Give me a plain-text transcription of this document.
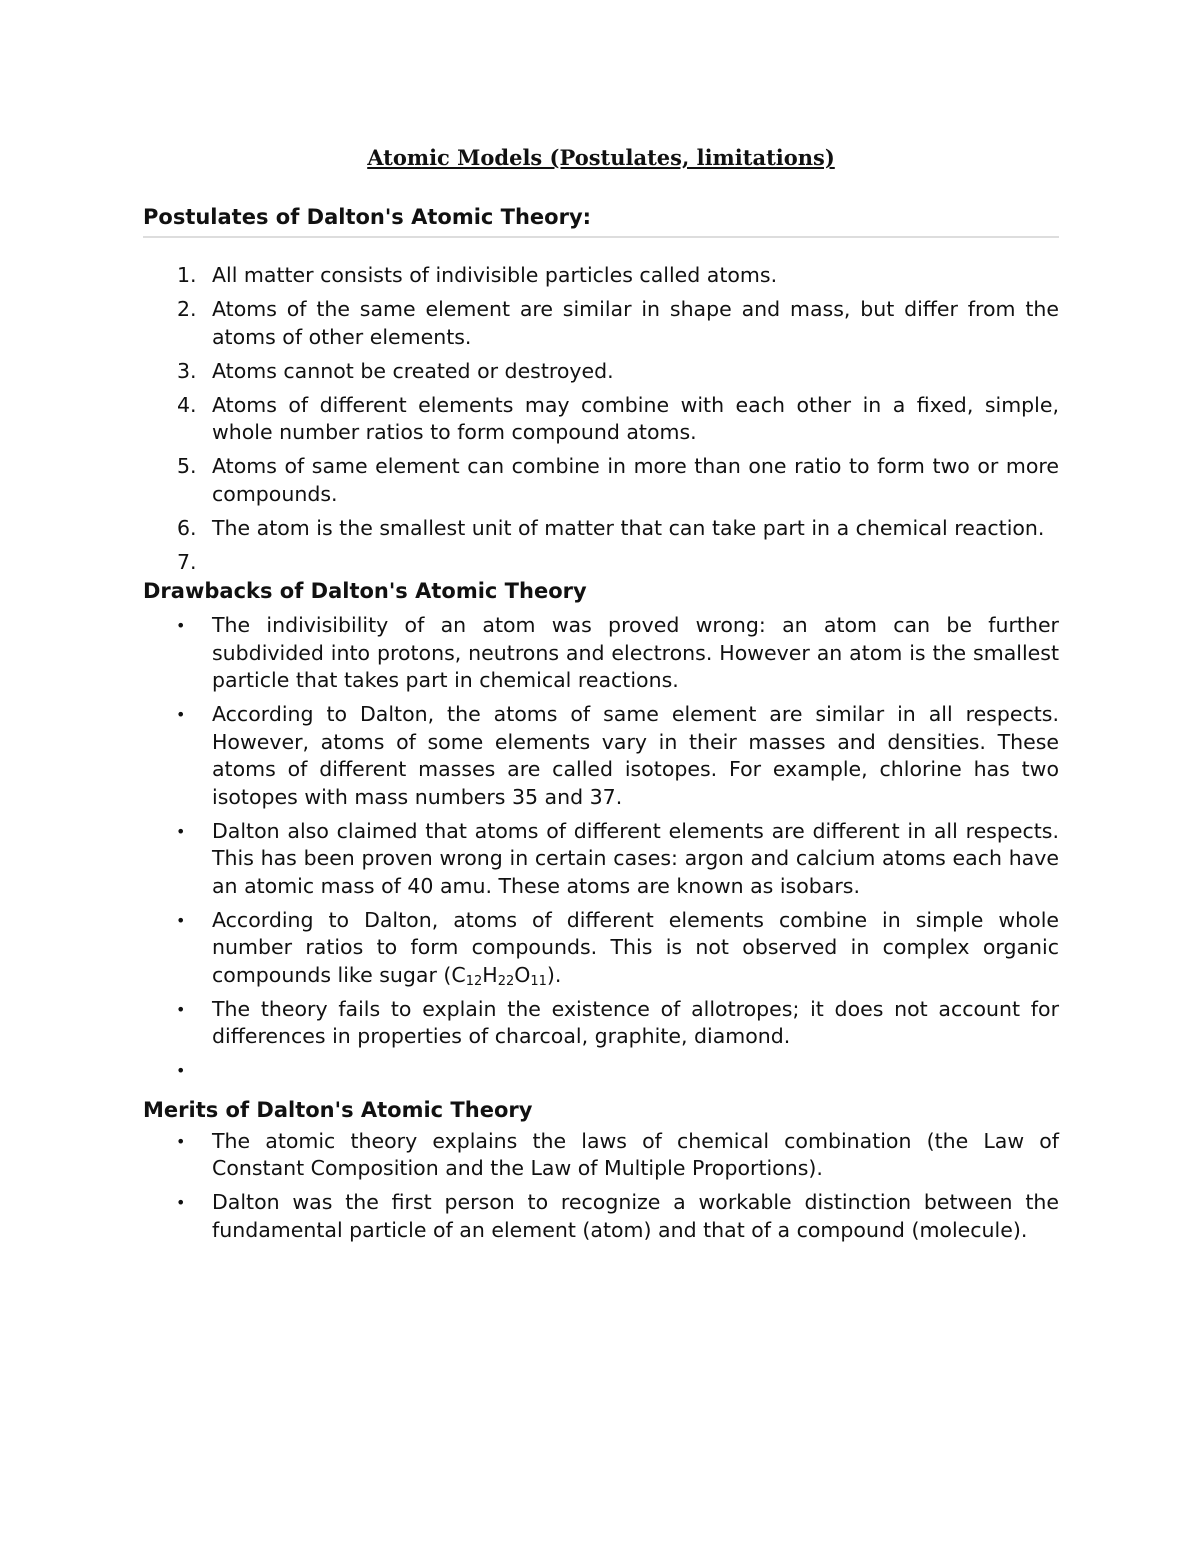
Atomic Models (Postulates, limitations)
Postulates of Dalton's Atomic Theory:
1. All matter consists of indivisible particles called atoms.
2. Atoms of the same element are similar in shape and mass, but differ from the atoms of other elements.
3. Atoms cannot be created or destroyed.
4. Atoms of different elements may combine with each other in a fixed, simple, whole number ratios to form compound atoms.
5. Atoms of same element can combine in more than one ratio to form two or more compounds.
6. The atom is the smallest unit of matter that can take part in a chemical reaction.
7.
Drawbacks of Dalton's Atomic Theory
• The indivisibility of an atom was proved wrong: an atom can be further subdivided into protons, neutrons and electrons. However an atom is the smallest particle that takes part in chemical reactions.
• According to Dalton, the atoms of same element are similar in all respects. However, atoms of some elements vary in their masses and densities. These atoms of different masses are called isotopes. For example, chlorine has two isotopes with mass numbers 35 and 37.
• Dalton also claimed that atoms of different elements are different in all respects. This has been proven wrong in certain cases: argon and calcium atoms each have an atomic mass of 40 amu. These atoms are known as isobars.
• According to Dalton, atoms of different elements combine in simple whole number ratios to form compounds. This is not observed in complex organic compounds like sugar $(C_{12}H_{22}O_{11})$.
• The theory fails to explain the existence of allotropes; it does not account for differences in properties of charcoal, graphite, diamond.
•
Merits of Dalton's Atomic Theory
• The atomic theory explains the laws of chemical combination (the Law of Constant Composition and the Law of Multiple Proportions).
• Dalton was the first person to recognize a workable distinction between the fundamental particle of an element (atom) and that of a compound (molecule).
